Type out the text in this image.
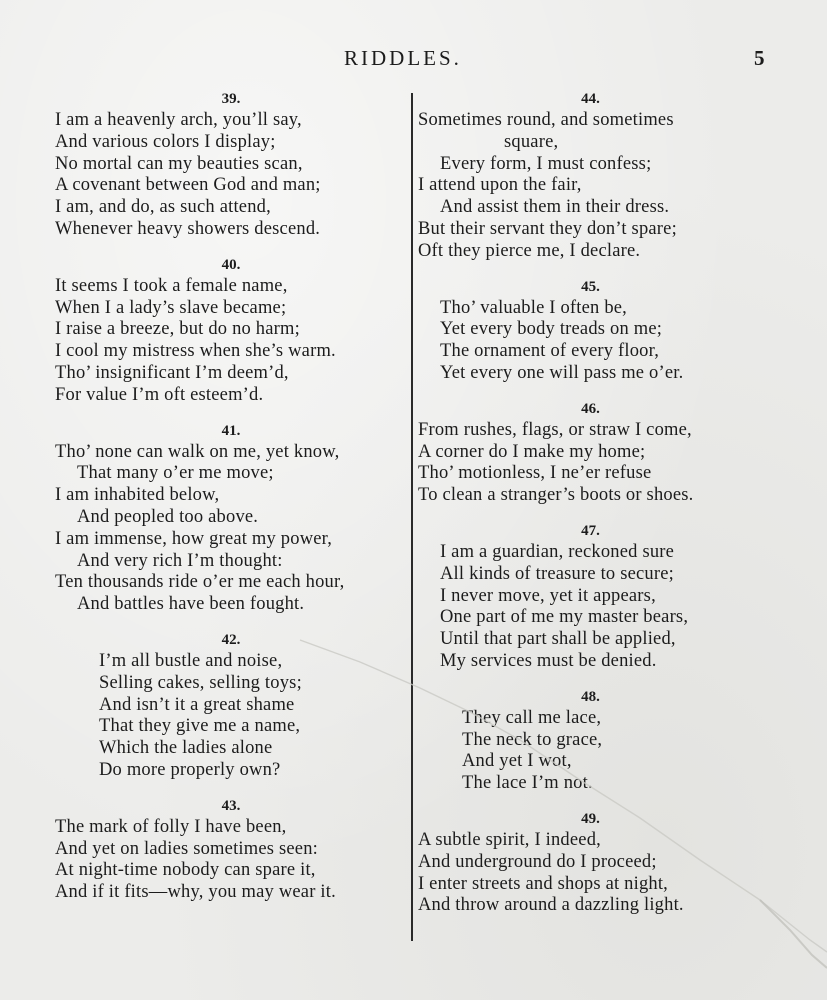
RIDDLES.	5
39.
I am a heavenly arch, you’ll say,
And various colors I display;
No mortal can my beauties scan,
A covenant between God and man;
I am, and do, as such attend,
Whenever heavy showers descend.
40.
It seems I took a female name,
When I a lady’s slave became;
I raise a breeze, but do no harm;
I cool my mistress when she’s warm.
Tho’ insignificant I’m deem’d,
For value I’m oft esteem’d.
41.
Tho’ none can walk on me, yet know,
That many o’er me move;
I am inhabited below,
And peopled too above.
I am immense, how great my power,
And very rich I’m thought:
Ten thousands ride o’er me each hour,
And battles have been fought.
42.
I’m all bustle and noise,
Selling cakes, selling toys;
And isn’t it a great shame
That they give me a name,
Which the ladies alone
Do more properly own?
43.
The mark of folly I have been,
And yet on ladies sometimes seen:
At night-time nobody can spare it,
And if it fits—why, you may wear it.
44.
Sometimes round, and sometimes
square,
Every form, I must confess;
I attend upon the fair,
And assist them in their dress.
But their servant they don’t spare;
Oft they pierce me, I declare.
45.
Tho’ valuable I often be,
Yet every body treads on me;
The ornament of every floor,
Yet every one will pass me o’er.
46.
From rushes, flags, or straw I come,
A corner do I make my home;
Tho’ motionless, I ne’er refuse
To clean a stranger’s boots or shoes.
47.
I am a guardian, reckoned sure
All kinds of treasure to secure;
I never move, yet it appears,
One part of me my master bears,
Until that part shall be applied,
My services must be denied.
48.
They call me lace,
The neck to grace,
And yet I wot,
The lace I’m not.
49.
A subtle spirit, I indeed,
And underground do I proceed;
I enter streets and shops at night,
And throw around a dazzling light.
